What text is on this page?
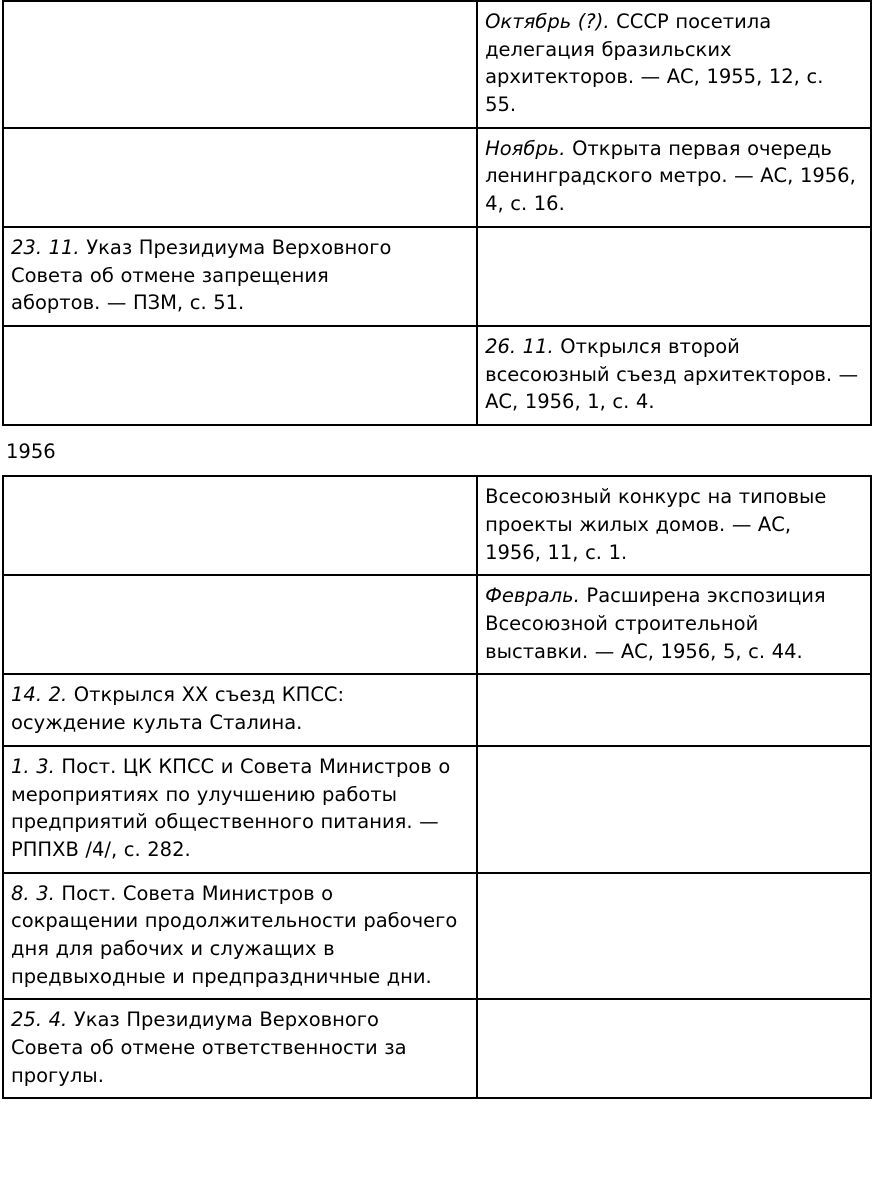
	Октябрь (?). СССР посетила
делегация бразильских
архитекторов. — АС, 1955, 12, с.
55.

	Ноябрь. Открыта первая очередь
ленинградского метро. — АС, 1956,
4, с. 16.

23. 11. Указ Президиума Верховного
Совета об отмене запрещения
абортов. — ПЗМ, с. 51.	

	26. 11. Открылся второй
всесоюзный съезд архитекторов. —
АС, 1956, 1, с. 4.

1956

	Всесоюзный конкурс на типовые
проекты жилых домов. — АС,
1956, 11, с. 1.

	Февраль. Расширена экспозиция
Всесоюзной строительной
выставки. — АС, 1956, 5, с. 44.

14. 2. Открылся XX съезд КПСС:
осуждение культа Сталина.	

1. 3. Пост. ЦК КПСС и Совета Министров о
мероприятиях по улучшению работы
предприятий общественного питания. —
РППХВ /4/, с. 282.	

8. 3. Пост. Совета Министров о
сокращении продолжительности рабочего
дня для рабочих и служащих в
предвыходные и предпраздничные дни.	

25. 4. Указ Президиума Верховного
Совета об отмене ответственности за
прогулы.	
